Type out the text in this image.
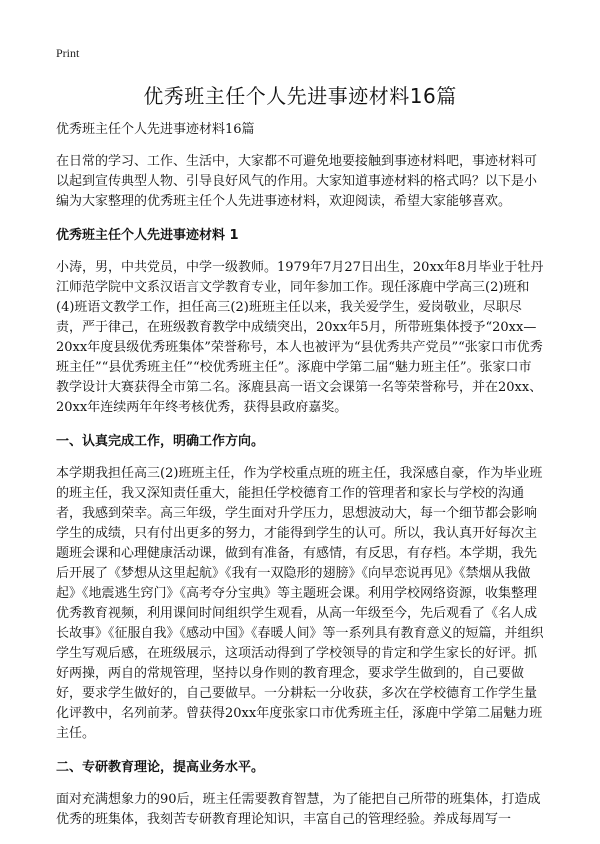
Print
优秀班主任个人先进事迹材料16篇

优秀班主任个人先进事迹材料16篇

在日常的学习、工作、生活中，大家都不可避免地要接触到事迹材料吧，事迹材料可以起到宣传典型人物、引导良好风气的作用。大家知道事迹材料的格式吗？以下是小编为大家整理的优秀班主任个人先进事迹材料，欢迎阅读，希望大家能够喜欢。

优秀班主任个人先进事迹材料 1

小涛，男，中共党员，中学一级教师。1979年7月27日出生，20xx年8月毕业于牡丹江师范学院中文系汉语言文学教育专业，同年参加工作。现任涿鹿中学高三(2)班和(4)班语文教学工作，担任高三(2)班班主任以来，我关爱学生，爱岗敬业，尽职尽责，严于律己，在班级教育教学中成绩突出，20xx年5月，所带班集体授予“20xx—20xx年度县级优秀班集体”荣誉称号，本人也被评为“县优秀共产党员”“张家口市优秀班主任”“县优秀班主任”“校优秀班主任”。涿鹿中学第二届“魅力班主任”。张家口市教学设计大赛获得全市第二名。涿鹿县高一语文会课第一名等荣誉称号，并在20xx、20xx年连续两年年终考核优秀，获得县政府嘉奖。

一、认真完成工作，明确工作方向。

本学期我担任高三(2)班班主任，作为学校重点班的班主任，我深感自豪，作为毕业班的班主任，我又深知责任重大，能担任学校德育工作的管理者和家长与学校的沟通者，我感到荣幸。高三年级，学生面对升学压力，思想波动大，每一个细节都会影响学生的成绩，只有付出更多的努力，才能得到学生的认可。所以，我认真开好每次主题班会课和心理健康活动课，做到有准备，有感情，有反思，有存档。本学期，我先后开展了《梦想从这里起航》《我有一双隐形的翅膀》《向早恋说再见》《禁烟从我做起》《地震逃生窍门》《高考夺分宝典》等主题班会课。利用学校网络资源，收集整理优秀教育视频，利用课间时间组织学生观看，从高一年级至今，先后观看了《名人成长故事》《征服自我》《感动中国》《春暖人间》等一系列具有教育意义的短篇，并组织学生写观后感，在班级展示，这项活动得到了学校领导的肯定和学生家长的好评。抓好两操，两自的常规管理，坚持以身作则的教育理念，要求学生做到的，自己要做好，要求学生做好的，自己要做早。一分耕耘一分收获，多次在学校德育工作学生量化评教中，名列前茅。曾获得20xx年度张家口市优秀班主任，涿鹿中学第二届魅力班主任。

二、专研教育理论，提高业务水平。

面对充满想象力的90后，班主任需要教育智慧，为了能把自己所带的班集体，打造成优秀的班集体，我刻苦专研教育理论知识，丰富自己的管理经验。养成每周写一
